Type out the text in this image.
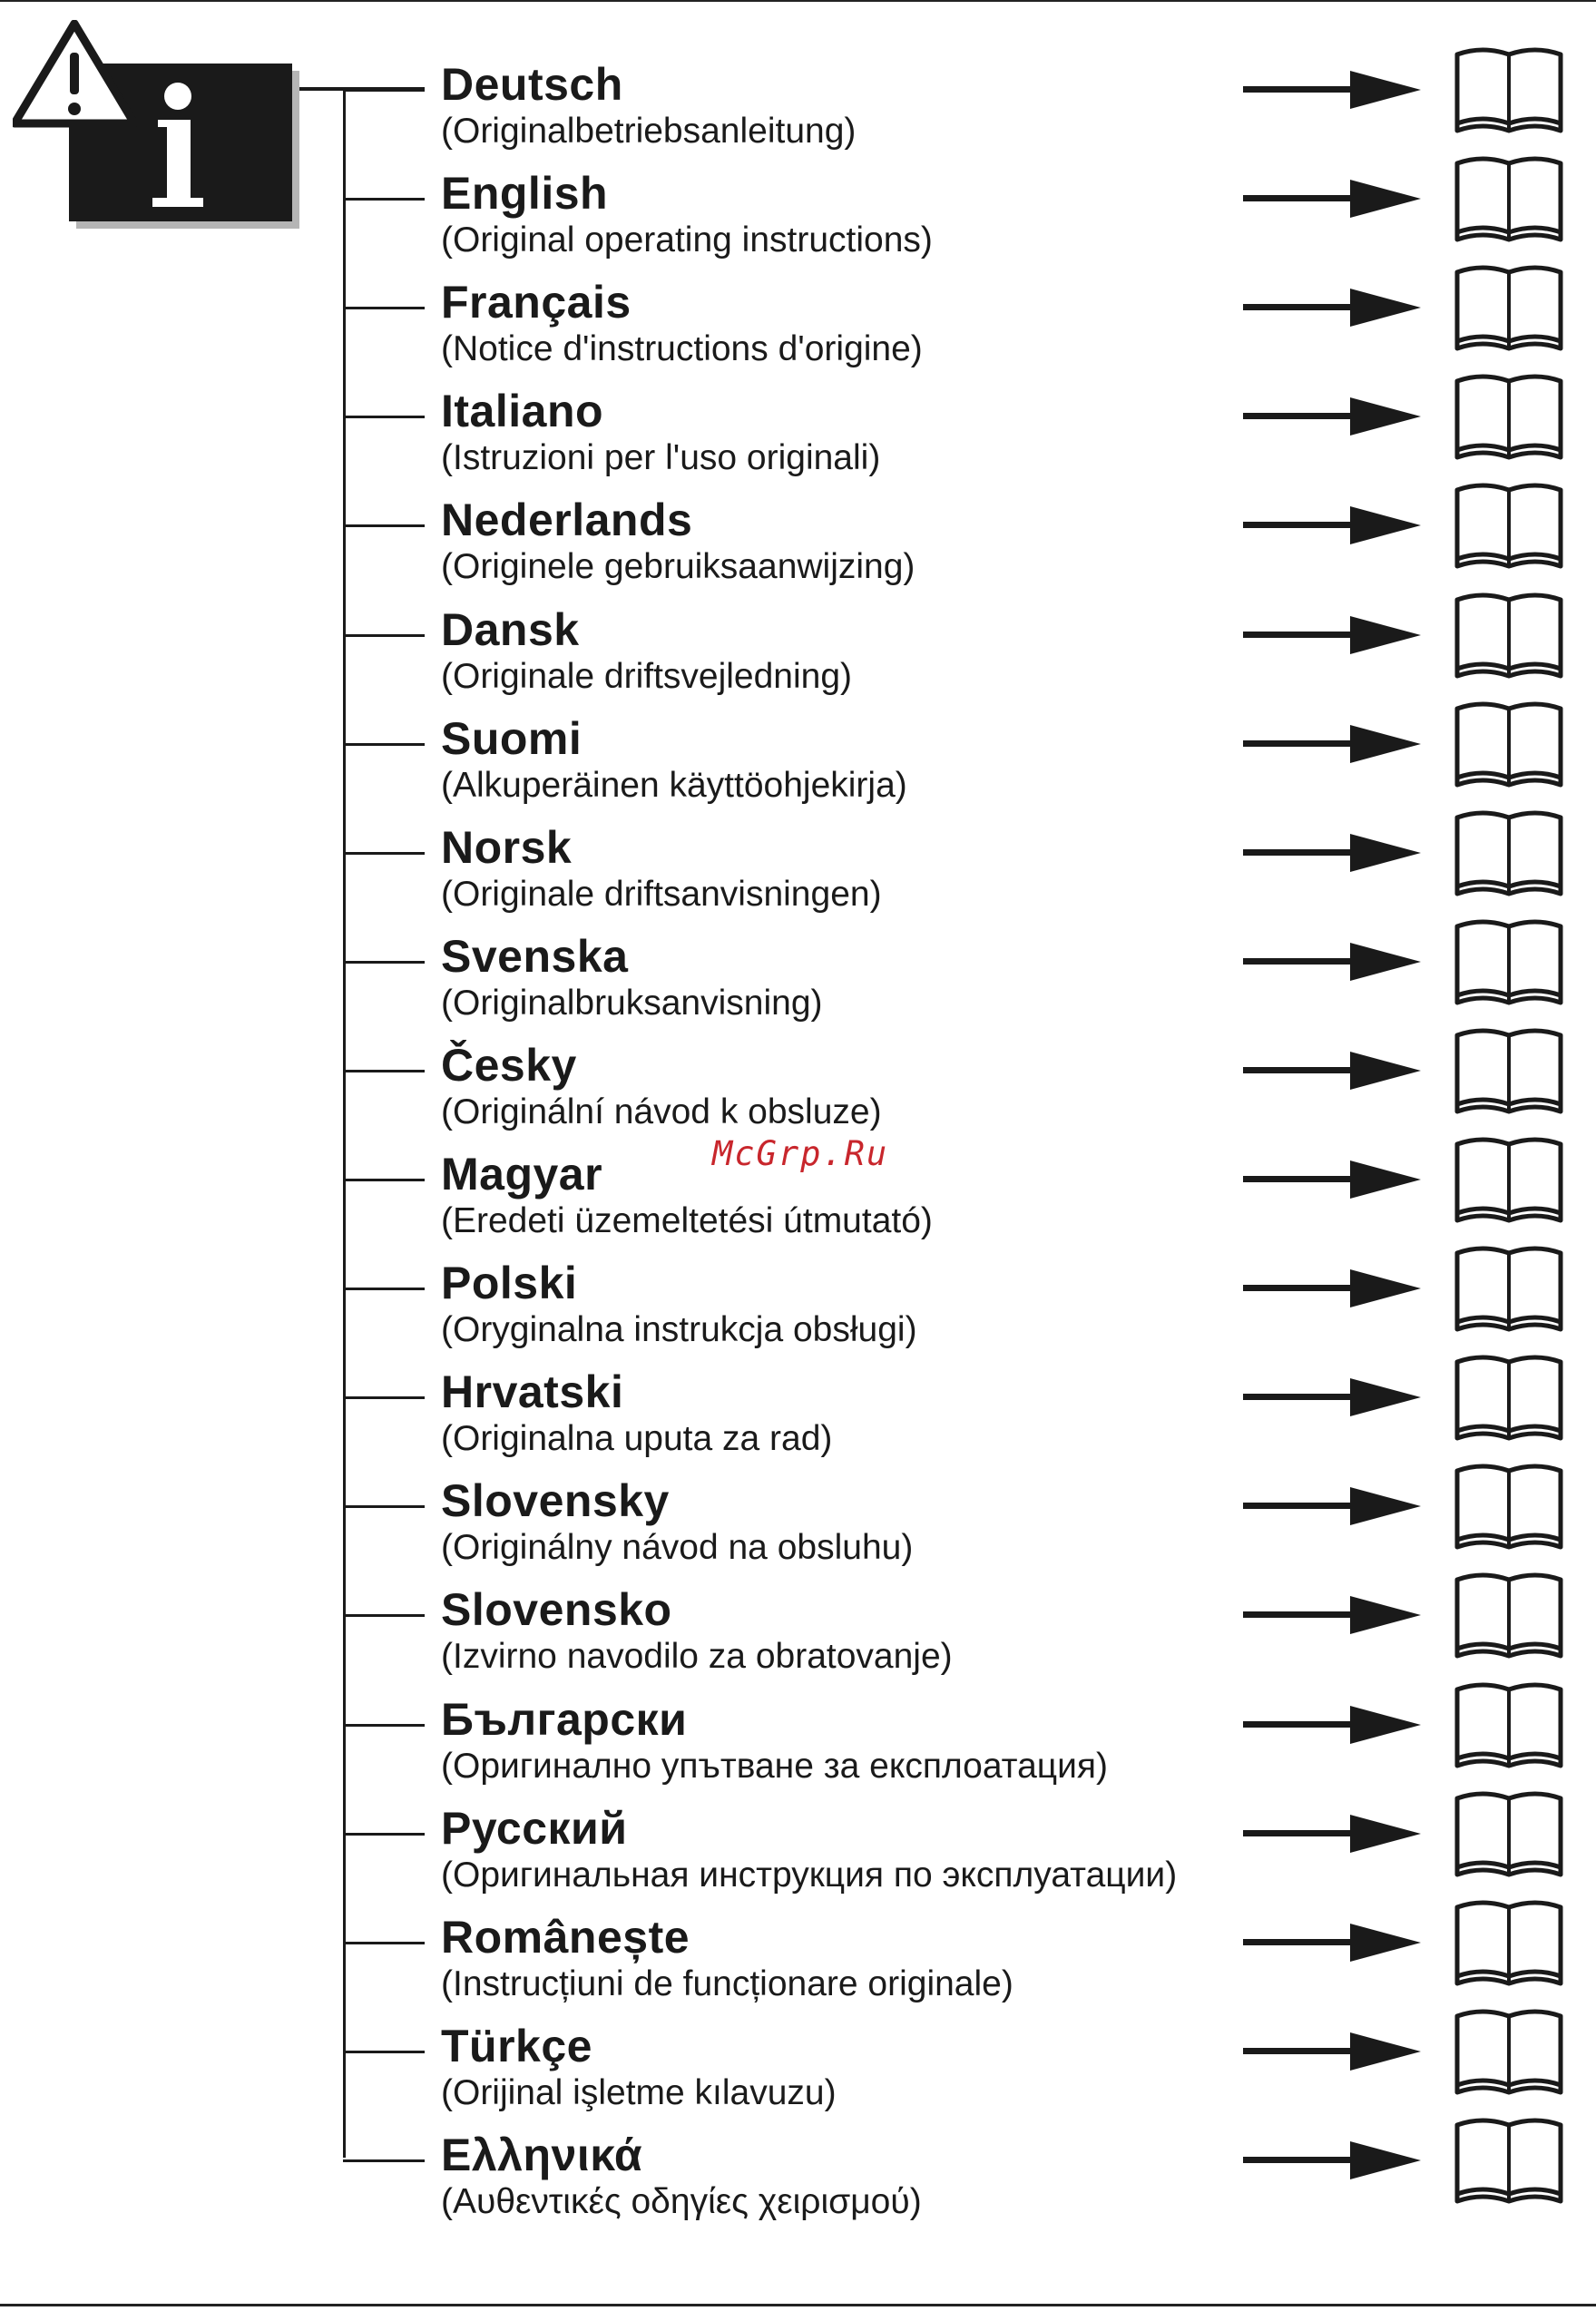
Deutsch
(Originalbetriebsanleitung)
English
(Original operating instructions)
Français
(Notice d'instructions d'origine)
Italiano
(Istruzioni per l'uso originali)
Nederlands
(Originele gebruiksaanwijzing)
Dansk
(Originale driftsvejledning)
Suomi
(Alkuperäinen käyttöohjekirja)
Norsk
(Originale driftsanvisningen)
Svenska
(Originalbruksanvisning)
Česky
(Originální návod k obsluze)
Magyar
(Eredeti üzemeltetési útmutató)
Polski
(Oryginalna instrukcja obsługi)
Hrvatski
(Originalna uputa za rad)
Slovensky
(Originálny návod na obsluhu)
Slovensko
(Izvirno navodilo za obratovanje)
Български
(Оригинално упътване за експлоатация)
Русский
(Оригинальная инструкция по эксплуатации)
Românește
(Instrucțiuni de funcționare originale)
Türkçe
(Orijinal işletme kılavuzu)
Ελληνικά
(Αυθεντικές οδηγίες χειρισμού)
McGrp.Ru
